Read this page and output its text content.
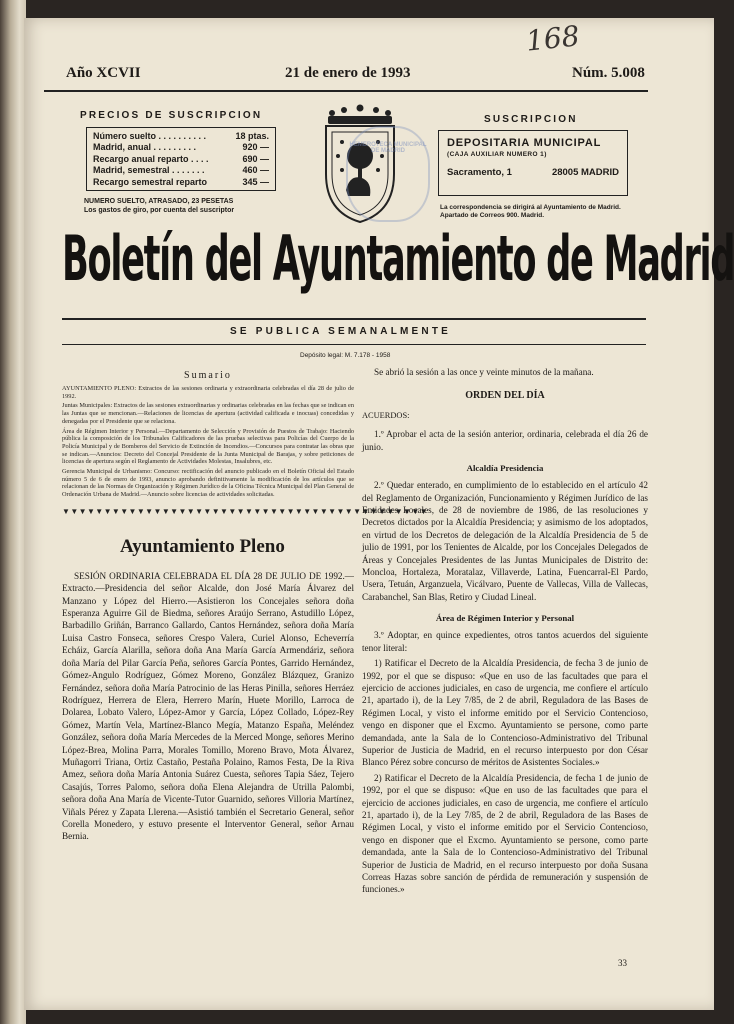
168
Año XCVII	21 de enero de 1993	Núm. 5.008
PRECIOS DE SUSCRIPCION
Número suelto . . . . . . . . . .	18 ptas.
Madrid, anual . . . . . . . . .	920 —
Recargo anual reparto . . . .	690 —
Madrid, semestral . . . . . . .	460 —
Recargo semestral reparto	345 —
NUMERO SUELTO, ATRASADO, 23 PESETAS
Los gastos de giro, por cuenta del suscriptor
HEMEROTECA MUNICIPAL DE MADRID
SUSCRIPCION
DEPOSITARIA MUNICIPAL
(CAJA AUXILIAR NUMERO 1)
Sacramento, 1	28005 MADRID
La correspondencia se dirigirá al Ayuntamiento de Madrid. Apartado de Correos 900. Madrid.
Boletín del Ayuntamiento de Madrid
SE PUBLICA SEMANALMENTE
Depósito legal: M. 7.178 - 1958
Sumario
AYUNTAMIENTO PLENO: Extractos de las sesiones ordinaria y extraordinaria celebradas el día 28 de julio de 1992.
Juntas Municipales: Extractos de las sesiones extraordinarias y ordinarias celebradas en las fechas que se indican en las Juntas que se mencionan.—Relaciones de licencias de apertura (actividad calificada e inocuas) concedidas y denegadas por el Presidente que se relaciona.
Área de Régimen Interior y Personal.—Departamento de Selección y Provisión de Puestos de Trabajo: Haciendo pública la composición de los Tribunales Calificadores de las pruebas selectivas para Policías del Cuerpo de la Policía Municipal y de Bomberos del Servicio de Extinción de Incendios.—Concursos para contratar las obras que se indican.—Anuncios: Decreto del Concejal Presidente de la Junta Municipal de Barajas, y sobre peticiones de licencias de apertura según el Reglamento de Actividades Molestas, Insalubres, etc.
Gerencia Municipal de Urbanismo: Concurso: rectificación del anuncio publicado en el Boletín Oficial del Estado número 5 de 6 de enero de 1993, anuncio aprobando definitivamente la modificación de los artículos que se relacionan de las Normas de Organización y Régimen Jurídico de la Oficina Técnica Municipal del Plan General de Ordenación Urbana de Madrid.—Anuncio sobre licencias de actividades solicitadas.
▼▼▼▼▼▼▼▼▼▼▼▼▼▼▼▼▼▼▼▼▼▼▼▼▼▼▼▼▼▼▼▼▼▼▼▼▼▼▼▼▼▼▼▼
Ayuntamiento Pleno
SESIÓN ORDINARIA CELEBRADA EL DÍA 28 DE JULIO DE 1992.—Extracto.—Presidencia del señor Alcalde, don José María Álvarez del Manzano y López del Hierro.—Asistieron los Concejales señora doña Esperanza Aguirre Gil de Biedma, señores Araújo Serrano, Astudillo López, Barbadillo Griñán, Barranco Gallardo, Cantos Hernández, señora doña María Luisa Castro Fonseca, señores Crespo Valera, Curiel Alonso, Echeverría Echáiz, García Alarilla, señora doña Ana María García Armendáriz, señora doña María del Pilar García Peña, señores García Pontes, Garrido Hernández, Gómez-Angulo Rodríguez, Gómez Moreno, González Blázquez, Granizo Fernández, señora doña María Patrocinio de las Heras Pinilla, señores Herráez Rodríguez, Herrera de Elera, Herrero Marín, Huete Morillo, Larroca de Dolarea, Lobato Valero, López-Amor y García, López Collado, López-Rey Gómez, Martín Vela, Martínez-Blanco Megía, Matanzo España, Meléndez González, señora doña María Mercedes de la Merced Monge, señores Merino López-Brea, Molina Parra, Morales Tomillo, Moreno Bravo, Mota Álvarez, Muñagorri Triana, Ortiz Castaño, Pestaña Polaino, Ramos Festa, De la Riva Amez, señora doña María Antonia Suárez Cuesta, señores Tapia Sáez, Tejero Casajús, Torres Palomo, señora doña Elena Alejandra de Utrilla Palombi, señora doña Ana María de Vicente-Tutor Guarnido, señores Villoria Martínez, Viñals Pérez y Zapata Llerena.—Asistió también el Secretario General, señor Corella Monedero, y estuvo presente el Interventor General, señor Arnau Bernia.
Se abrió la sesión a las once y veinte minutos de la mañana.
ORDEN DEL DÍA
ACUERDOS:
1.º Aprobar el acta de la sesión anterior, ordinaria, celebrada el día 26 de junio.
Alcaldía Presidencia
2.º Quedar enterado, en cumplimiento de lo establecido en el artículo 42 del Reglamento de Organización, Funcionamiento y Régimen Jurídico de las Entidades Locales, de 28 de noviembre de 1986, de las resoluciones y Decretos dictados por la Alcaldía Presidencia; y asimismo de los adoptados, en virtud de los Decretos de delegación de la Alcaldía Presidencia de 5 de julio de 1991, por los Tenientes de Alcalde, por los Concejales Delegados de Áreas y Concejales Presidentes de las Juntas Municipales de Distrito de: Moncloa, Hortaleza, Moratalaz, Villaverde, Latina, Fuencarral-El Pardo, Usera, Tetuán, Arganzuela, Vicálvaro, Puente de Vallecas, Villa de Vallecas, Carabanchel, San Blas, Retiro y Ciudad Lineal.
Área de Régimen Interior y Personal
3.º Adoptar, en quince expedientes, otros tantos acuerdos del siguiente tenor literal:
1) Ratificar el Decreto de la Alcaldía Presidencia, de fecha 3 de junio de 1992, por el que se dispuso: «Que en uso de las facultades que para el ejercicio de acciones judiciales, en caso de urgencia, me confiere el artículo 21, apartado i), de la Ley 7/85, de 2 de abril, Reguladora de las Bases de Régimen Local, y visto el informe emitido por el Servicio Contencioso, vengo en disponer que el Excmo. Ayuntamiento se persone, como parte demandada, ante la Sala de lo Contencioso-Administrativo del Tribunal Superior de Justicia de Madrid, en el recurso interpuesto por don César Blanco Pérez sobre concurso de méritos de Asistentes Sociales.»
2) Ratificar el Decreto de la Alcaldía Presidencia, de fecha 1 de junio de 1992, por el que se dispuso: «Que en uso de las facultades que para el ejercicio de acciones judiciales, en caso de urgencia, me confiere el artículo 21, apartado i), de la Ley 7/85, de 2 de abril, Reguladora de las Bases de Régimen Local, y visto el informe emitido por el Servicio Contencioso, vengo en disponer que el Excmo. Ayuntamiento se persone, como parte demandada, ante la Sala de lo Contencioso-Administrativo del Tribunal Superior de Justicia de Madrid, en el recurso interpuesto por doña Susana Correas Hazas sobre sanción de pérdida de remuneración y suspensión de funciones.»
33
